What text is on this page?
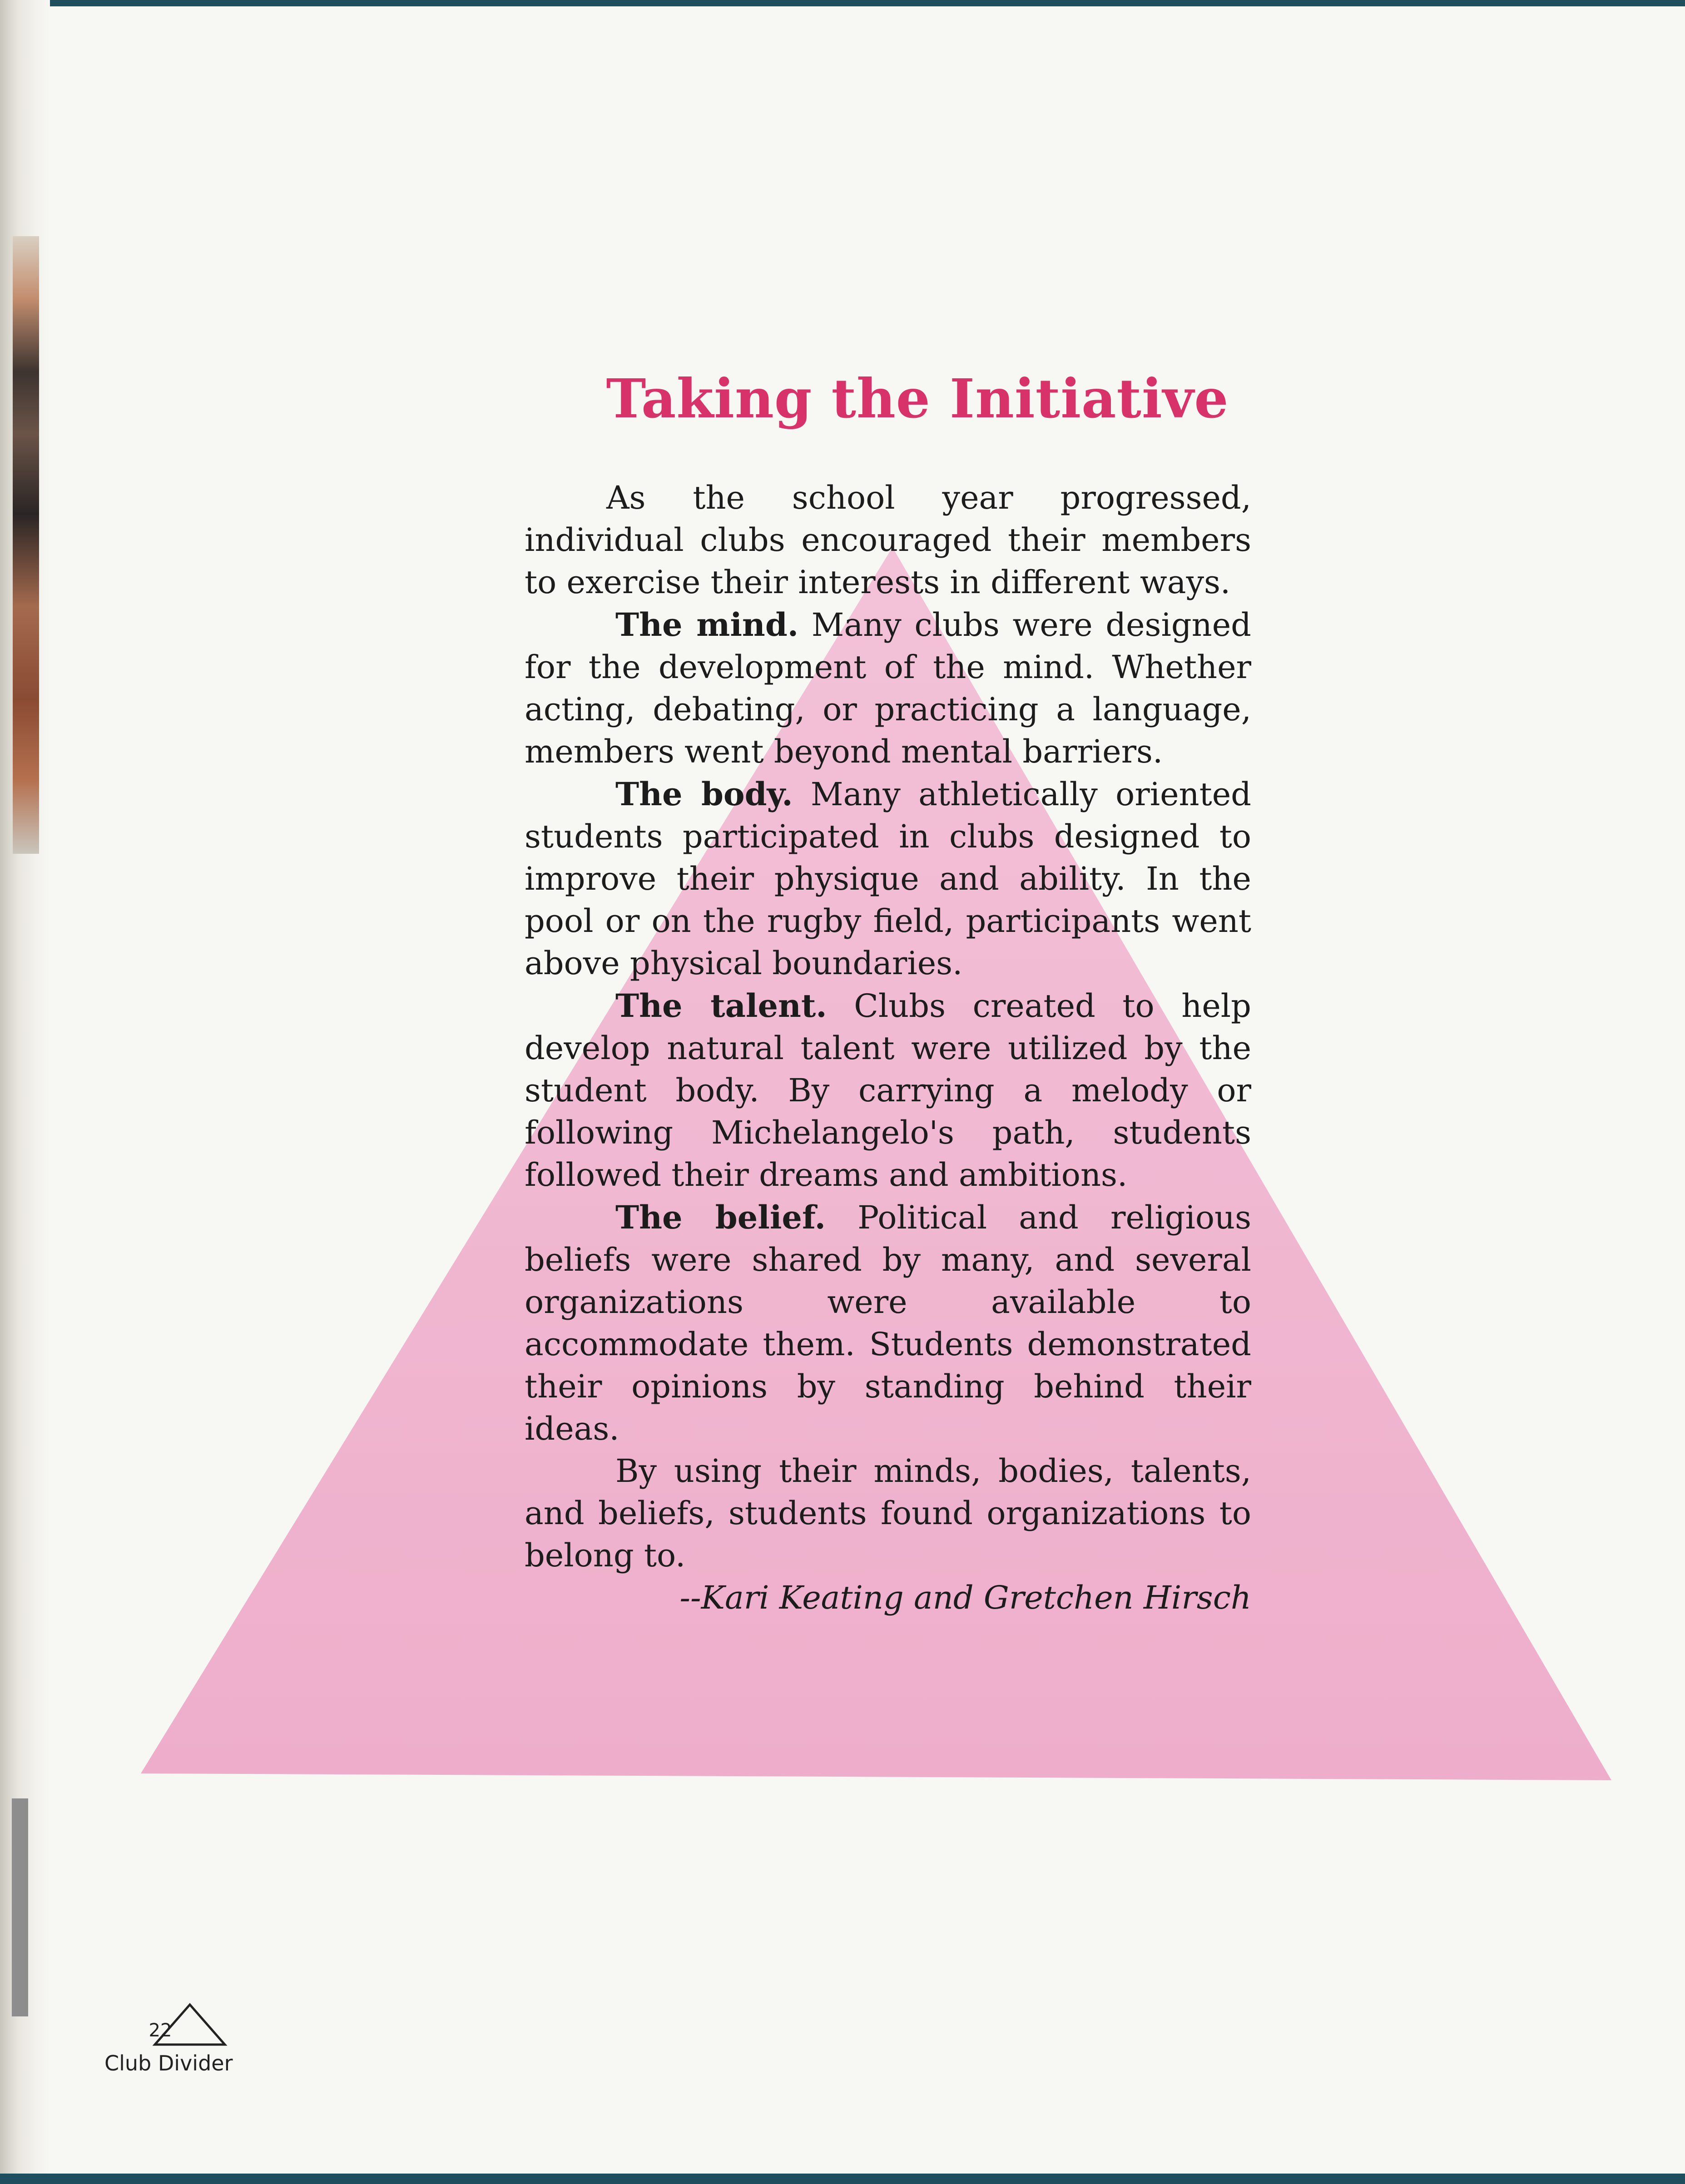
Taking the Initiative

As the school year progressed, individual clubs encouraged their members to exercise their interests in different ways.

The mind. Many clubs were designed for the development of the mind. Whether acting, debating, or practicing a language, members went beyond mental barriers.

The body. Many athletically oriented students participated in clubs designed to improve their physique and ability. In the pool or on the rugby field, participants went above physical boundaries.

The talent. Clubs created to help develop natural talent were utilized by the student body. By carrying a melody or following Michelangelo's path, students followed their dreams and ambitions.

The belief. Political and religious beliefs were shared by many, and several organizations were available to accommodate them. Students demonstrated their opinions by standing behind their ideas.

By using their minds, bodies, talents, and beliefs, students found organizations to belong to.

--Kari Keating and Gretchen Hirsch

22
Club Divider
